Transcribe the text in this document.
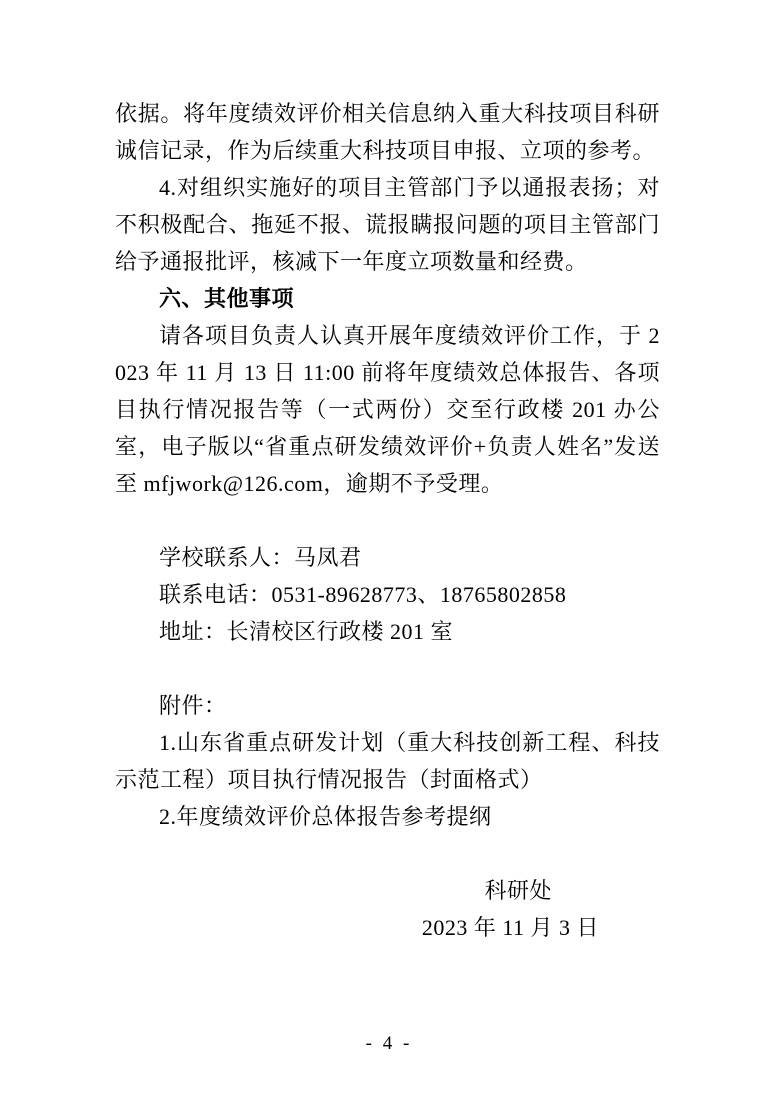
依据。将年度绩效评价相关信息纳入重大科技项目科研诚信记录，作为后续重大科技项目申报、立项的参考。

4.对组织实施好的项目主管部门予以通报表扬；对不积极配合、拖延不报、谎报瞒报问题的项目主管部门给予通报批评，核减下一年度立项数量和经费。

六、其他事项

请各项目负责人认真开展年度绩效评价工作，于 2023 年 11 月 13 日 11:00 前将年度绩效总体报告、各项目执行情况报告等（一式两份）交至行政楼 201 办公室，电子版以“省重点研发绩效评价+负责人姓名”发送至 mfjwork@126.com，逾期不予受理。

学校联系人：马凤君

联系电话：0531-89628773、18765802858

地址：长清校区行政楼 201 室

附件：

1.山东省重点研发计划（重大科技创新工程、科技示范工程）项目执行情况报告（封面格式）

2.年度绩效评价总体报告参考提纲

科研处

2023 年 11 月 3 日

- 4 -
